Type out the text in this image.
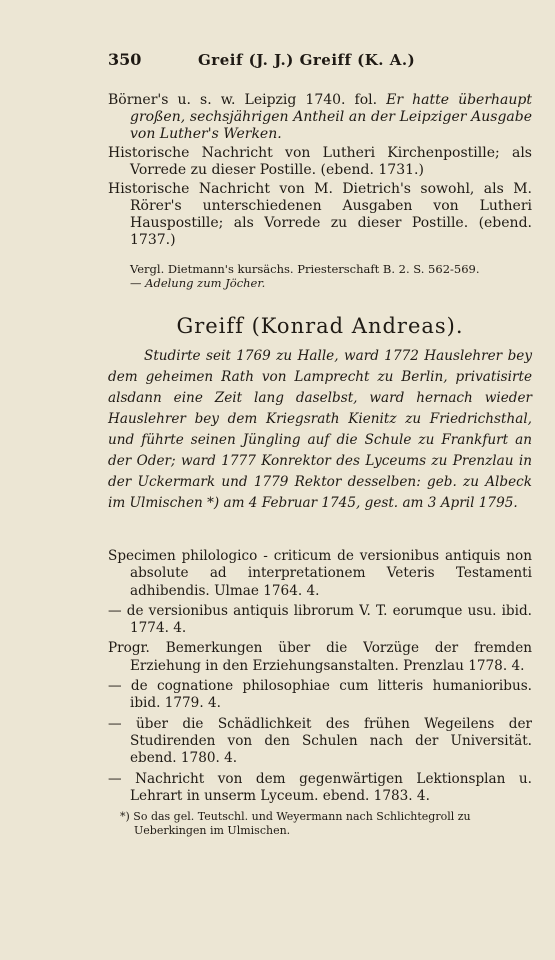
350	Greif (J. J.) Greiff (K. A.)

Börner's u. s. w. Leipzig 1740. fol. Er hatte überhaupt großen, sechsjährigen Antheil an der Leipziger Ausgabe von Luther's Werken.

Historische Nachricht von Lutheri Kirchenpostille; als Vorrede zu dieser Postille. (ebend. 1731.)

Historische Nachricht von M. Dietrich's sowohl, als M. Rörer's unterschiedenen Ausgaben von Lutheri Hauspostille; als Vorrede zu dieser Postille. (ebend. 1737.)

Vergl. Dietmann's kursächs. Priesterschaft B. 2. S. 562-569.
— Adelung zum Jöcher.
Greiff (Konrad Andreas).

Studirte seit 1769 zu Halle, ward 1772 Hauslehrer bey dem geheimen Rath von Lamprecht zu Berlin, privatisirte alsdann eine Zeit lang daselbst, ward hernach wieder Hauslehrer bey dem Kriegsrath Kienitz zu Friedrichsthal, und führte seinen Jüngling auf die Schule zu Frankfurt an der Oder; ward 1777 Konrektor des Lyceums zu Prenzlau in der Uckermark und 1779 Rektor desselben: geb. zu Albeck im Ulmischen *) am 4 Februar 1745, gest. am 3 April 1795.

Specimen philologico - criticum de versionibus antiquis non absolute ad interpretationem Veteris Testamenti adhibendis. Ulmae 1764. 4.

— de versionibus antiquis librorum V. T. eorumque usu. ibid. 1774. 4.

Progr. Bemerkungen über die Vorzüge der fremden Erziehung in den Erziehungsanstalten. Prenzlau 1778. 4.

— de cognatione philosophiae cum litteris humanioribus. ibid. 1779. 4.

— über die Schädlichkeit des frühen Wegeilens der Studirenden von den Schulen nach der Universität. ebend. 1780. 4.

— Nachricht von dem gegenwärtigen Lektionsplan u. Lehrart in unserm Lyceum. ebend. 1783. 4.

*) So das gel. Teutschl. und Weyermann nach Schlichtegroll zu Ueberkingen im Ulmischen.
